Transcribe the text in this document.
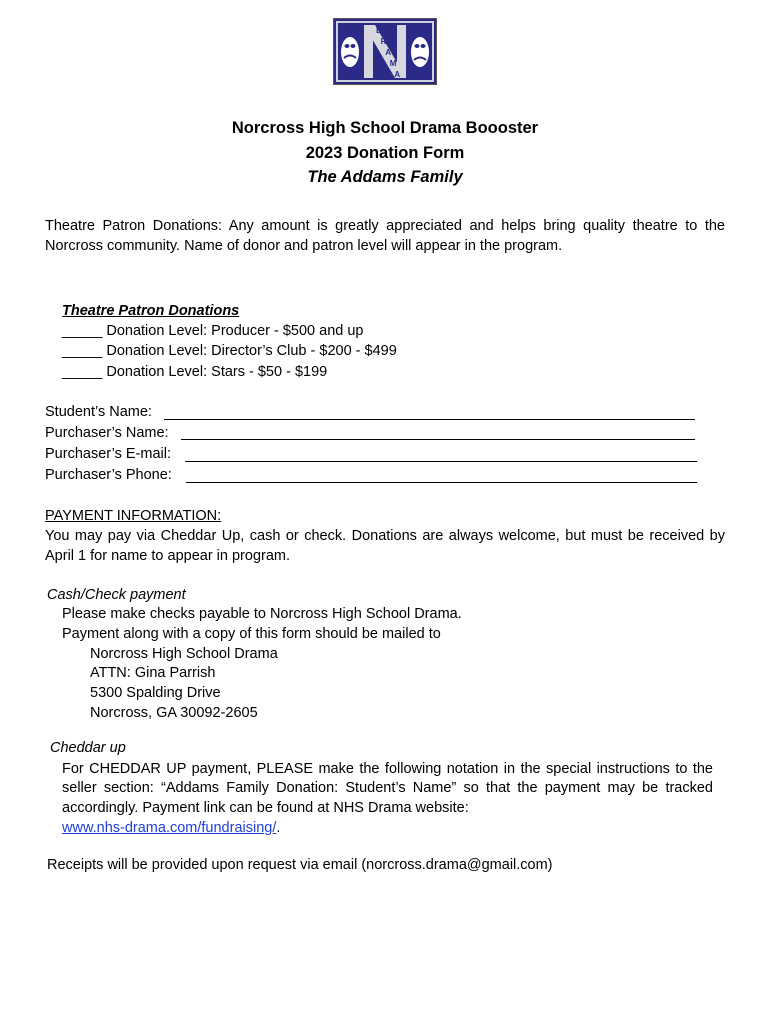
D
R
A
M
A
Norcross High School Drama Boooster
2023 Donation Form
The Addams Family
Theatre Patron Donations: Any amount is greatly appreciated and helps bring quality theatre to the
Norcross community. Name of donor and patron level will appear in the program.
Theatre Patron Donations
_____ Donation Level: Producer - $500 and up
_____ Donation Level: Director’s Club - $200 - $499
_____ Donation Level: Stars - $50 - $199
Student’s Name:
Purchaser’s Name:
Purchaser’s E-mail:
Purchaser’s Phone:
PAYMENT INFORMATION:
You may pay via Cheddar Up, cash or check. Donations are always welcome, but must be received by
April 1 for name to appear in program.
Cash/Check payment
Please make checks payable to Norcross High School Drama.
Payment along with a copy of this form should be mailed to
Norcross High School Drama
ATTN: Gina Parrish
5300 Spalding Drive
Norcross, GA 30092-2605
Cheddar up
For CHEDDAR UP payment, PLEASE make the following notation in the special instructions to the
seller section: “Addams Family Donation: Student’s Name” so that the payment may be tracked
accordingly. Payment link can be found at NHS Drama website:
www.nhs-drama.com/fundraising/.
Receipts will be provided upon request via email (norcross.drama@gmail.com)
